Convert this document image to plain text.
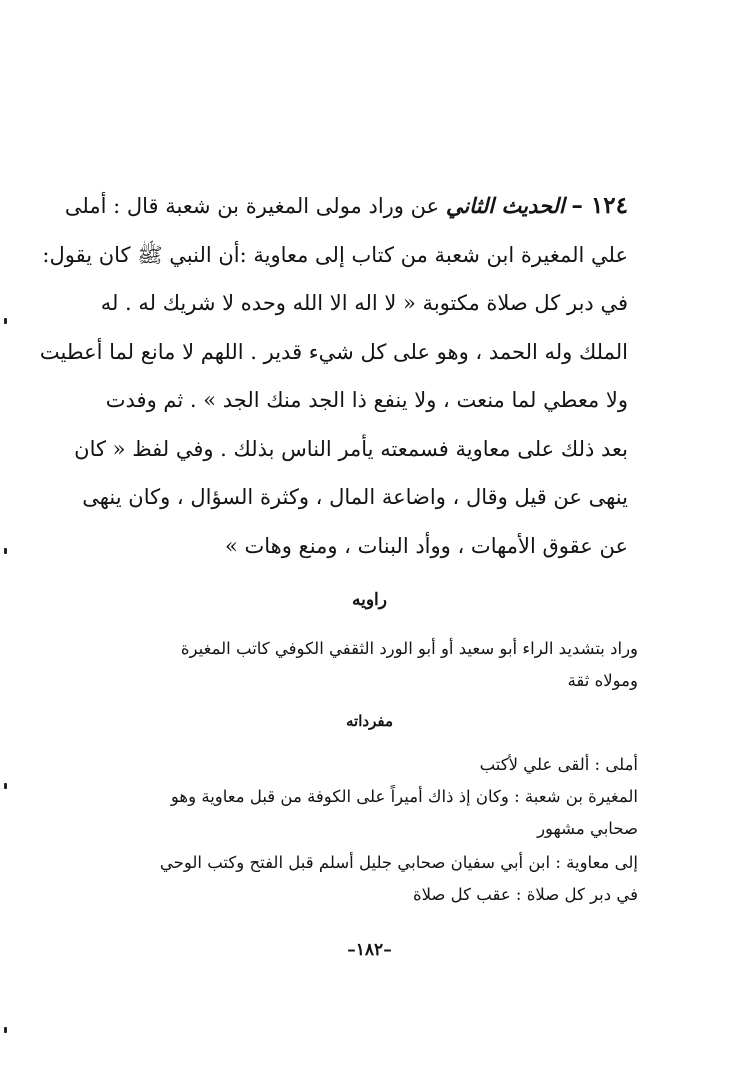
١٢٤ – الحديث الثاني عن وراد مولى المغيرة بن شعبة قال : أملى
علي المغيرة ابن شعبة من كتاب إلى معاوية :أن النبي ﷺ كان يقول:
في دبر كل صلاة مكتوبة « لا اله الا الله وحده لا شريك له . له
الملك وله الحمد ، وهو على كل شيء قدير . اللهم لا مانع لما أعطيت
ولا معطي لما منعت ، ولا ينفع ذا الجد منك الجد » . ثم وفدت
بعد ذلك على معاوية فسمعته يأمر الناس بذلك . وفي لفظ « كان
ينهى عن قيل وقال ، واضاعة المال ، وكثرة السؤال ، وكان ينهى
عن عقوق الأمهات ، ووأد البنات ، ومنع وهات »
راويه
وراد بتشديد الراء أبو سعيد أو أبو الورد الثقفي الكوفي كاتب المغيرة
ومولاه ثقة
مفرداته
أملى : ألقى علي لأكتب
المغيرة بن شعبة : وكان إذ ذاك أميراً على الكوفة من قبل معاوية وهو
صحابي مشهور
إلى معاوية : ابن أبي سفيان صحابي جليل أسلم قبل الفتح وكتب الوحي
في دبر كل صلاة : عقب كل صلاة
–١٨٢–
